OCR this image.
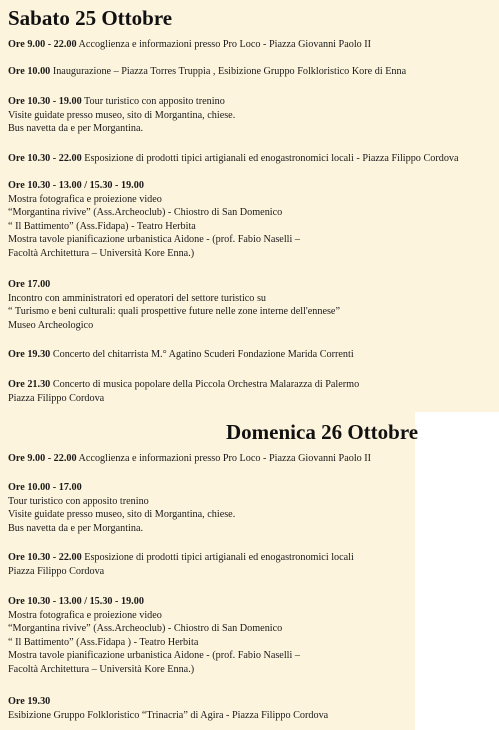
Sabato 25 Ottobre
Ore 9.00 - 22.00 Accoglienza e informazioni presso Pro Loco - Piazza Giovanni Paolo II
Ore 10.00 Inaugurazione – Piazza Torres Truppia , Esibizione Gruppo Folkloristico Kore di Enna
Ore 10.30 - 19.00 Tour turistico con apposito trenino
Visite guidate presso museo, sito di Morgantina, chiese.
Bus navetta da e per Morgantina.
Ore 10.30 - 22.00 Esposizione di prodotti tipici artigianali ed enogastronomici locali - Piazza Filippo Cordova
Ore 10.30 - 13.00 / 15.30 - 19.00
Mostra fotografica e proiezione video
“Morgantina rivive” (Ass.Archeoclub) - Chiostro di San Domenico
“ Il Battimento” (Ass.Fidapa) - Teatro Herbita
Mostra tavole pianificazione urbanistica Aidone - (prof. Fabio Naselli –
Facoltà Architettura – Università Kore Enna.)
Ore 17.00
Incontro con amministratori ed operatori del settore turistico su
“ Turismo e beni culturali: quali prospettive future nelle zone interne dell'ennese”
Museo Archeologico
Ore 19.30 Concerto del chitarrista M.° Agatino Scuderi Fondazione Marida Correnti
Ore 21.30 Concerto di musica popolare della Piccola Orchestra Malarazza di Palermo
Piazza Filippo Cordova
Domenica 26 Ottobre
Ore 9.00 - 22.00 Accoglienza e informazioni presso Pro Loco - Piazza Giovanni Paolo II
Ore 10.00 - 17.00
Tour turistico con apposito trenino
Visite guidate presso museo, sito di Morgantina, chiese.
Bus navetta da e per Morgantina.
Ore 10.30 - 22.00 Esposizione di prodotti tipici artigianali ed enogastronomici locali
Piazza Filippo Cordova
Ore 10.30 - 13.00 / 15.30 - 19.00
Mostra fotografica e proiezione video
“Morgantina rivive” (Ass.Archeoclub) - Chiostro di San Domenico
“ Il Battimento” (Ass.Fidapa ) - Teatro Herbita
Mostra tavole pianificazione urbanistica Aidone - (prof. Fabio Naselli –
Facoltà Architettura – Università Kore Enna.)
Ore 19.30
Esibizione Gruppo Folkloristico “Trinacria” di Agira - Piazza Filippo Cordova
